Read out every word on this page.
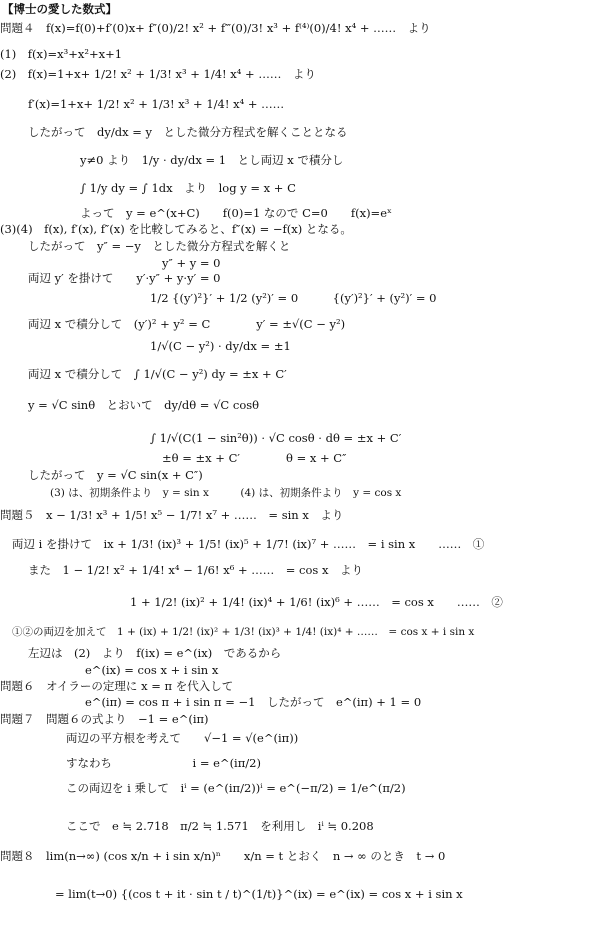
【博士の愛した数式】
問題４　f(x)=f(0)+f′(0)x+ f″(0)/2! x² + f‴(0)/3! x³ + f⁽⁴⁾(0)/4! x⁴ + ……　より
(1)　f(x)=x³+x²+x+1
(2)　f(x)=1+x+ 1/2! x² + 1/3! x³ + 1/4! x⁴ + ……　より
f′(x)=1+x+ 1/2! x² + 1/3! x³ + 1/4! x⁴ + ……
したがって　dy/dx = y　とした微分方程式を解くこととなる
y≠0 より　1/y · dy/dx = 1　とし両辺 x で積分し
∫ 1/y dy = ∫ 1dx　より　log y = x + C
よって　y = e^(x+C)　　f(0)=1 なので C=0　　f(x)=eˣ
(3)(4)　f(x), f′(x), f″(x) を比較してみると、f″(x) = −f(x) となる。
したがって　y″ = −y　とした微分方程式を解くと
y″ + y = 0
両辺 y′ を掛けて　　y′·y″ + y·y′ = 0
1/2 {(y′)²}′ + 1/2 (y²)′ = 0　　　{(y′)²}′ + (y²)′ = 0
両辺 x で積分して　(y′)² + y² = C　　　　y′ = ±√(C − y²)
1/√(C − y²) · dy/dx = ±1
両辺 x で積分して　∫ 1/√(C − y²) dy = ±x + C′
y = √C sinθ　とおいて　dy/dθ = √C cosθ
∫ 1/√(C(1 − sin²θ)) · √C cosθ · dθ = ±x + C′
±θ = ±x + C′　　　　θ = x + C″
したがって　y = √C sin(x + C″)
(3) は、初期条件より　y = sin x　　　(4) は、初期条件より　y = cos x
問題５　x − 1/3! x³ + 1/5! x⁵ − 1/7! x⁷ + ……　= sin x　より
両辺 i を掛けて　ix + 1/3! (ix)³ + 1/5! (ix)⁵ + 1/7! (ix)⁷ + ……　= i sin x　　……　①
また　1 − 1/2! x² + 1/4! x⁴ − 1/6! x⁶ + ……　= cos x　より
1 + 1/2! (ix)² + 1/4! (ix)⁴ + 1/6! (ix)⁶ + ……　= cos x　　……　②
①②の両辺を加えて　1 + (ix) + 1/2! (ix)² + 1/3! (ix)³ + 1/4! (ix)⁴ + ……　= cos x + i sin x
左辺は　(2)　より　f(ix) = e^(ix)　であるから
e^(ix) = cos x + i sin x
問題６　オイラーの定理に x = π を代入して
e^(iπ) = cos π + i sin π = −1　したがって　e^(iπ) + 1 = 0
問題７　問題６の式より　−1 = e^(iπ)
両辺の平方根を考えて　　√−1 = √(e^(iπ))
すなわち　　　　　　　i = e^(iπ/2)
この両辺を i 乗して　iⁱ = (e^(iπ/2))ⁱ = e^(−π/2) = 1/e^(π/2)
ここで　e ≒ 2.718　π/2 ≒ 1.571　を利用し　iⁱ ≒ 0.208
問題８　lim(n→∞) (cos x/n + i sin x/n)ⁿ　　x/n = t とおく　n → ∞ のとき　t → 0
= lim(t→0) {(cos t + it · sin t / t)^(1/t)}^(ix) = e^(ix) = cos x + i sin x
